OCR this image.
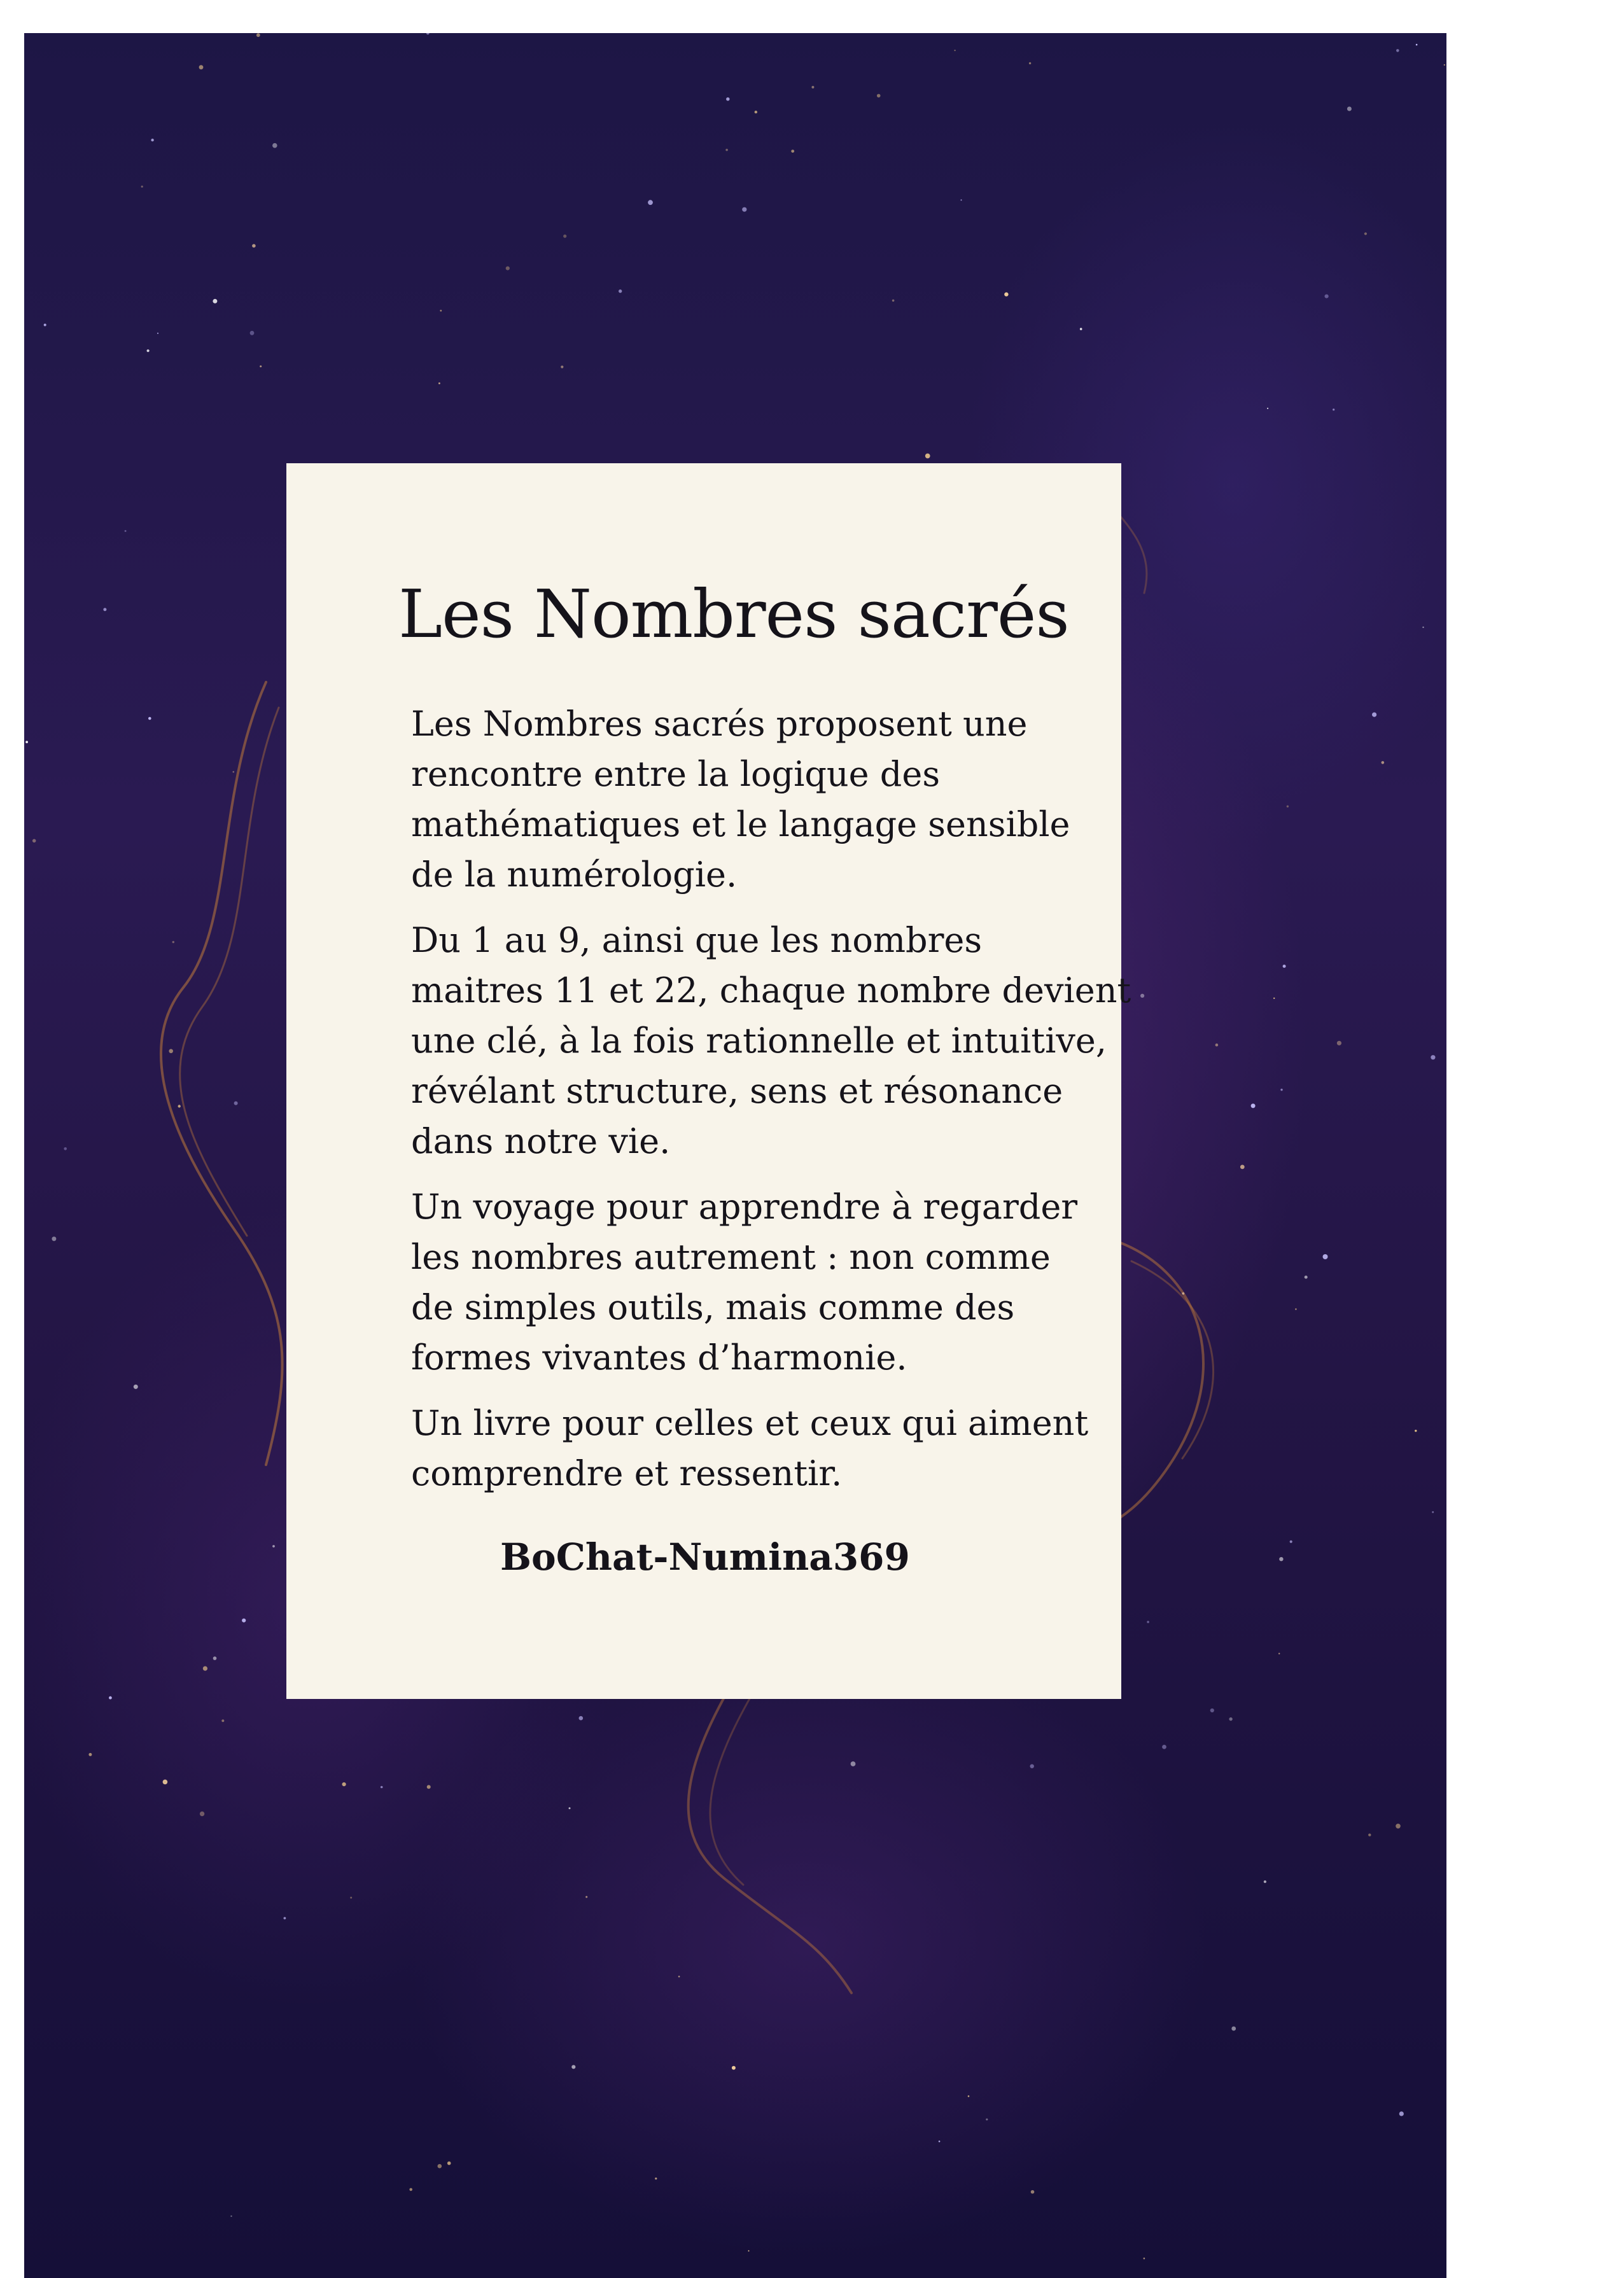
Les Nombres sacrés

Les Nombres sacrés proposent une
rencontre entre la logique des
mathématiques et le langage sensible
de la numérologie.

Du 1 au 9, ainsi que les nombres
maitres 11 et 22, chaque nombre devient
une clé, à la fois rationnelle et intuitive,
révélant structure, sens et résonance
dans notre vie.

Un voyage pour apprendre à regarder
les nombres autrement : non comme
de simples outils, mais comme des
formes vivantes d’harmonie.

Un livre pour celles et ceux qui aiment
comprendre et ressentir.

BoChat-Numina369
